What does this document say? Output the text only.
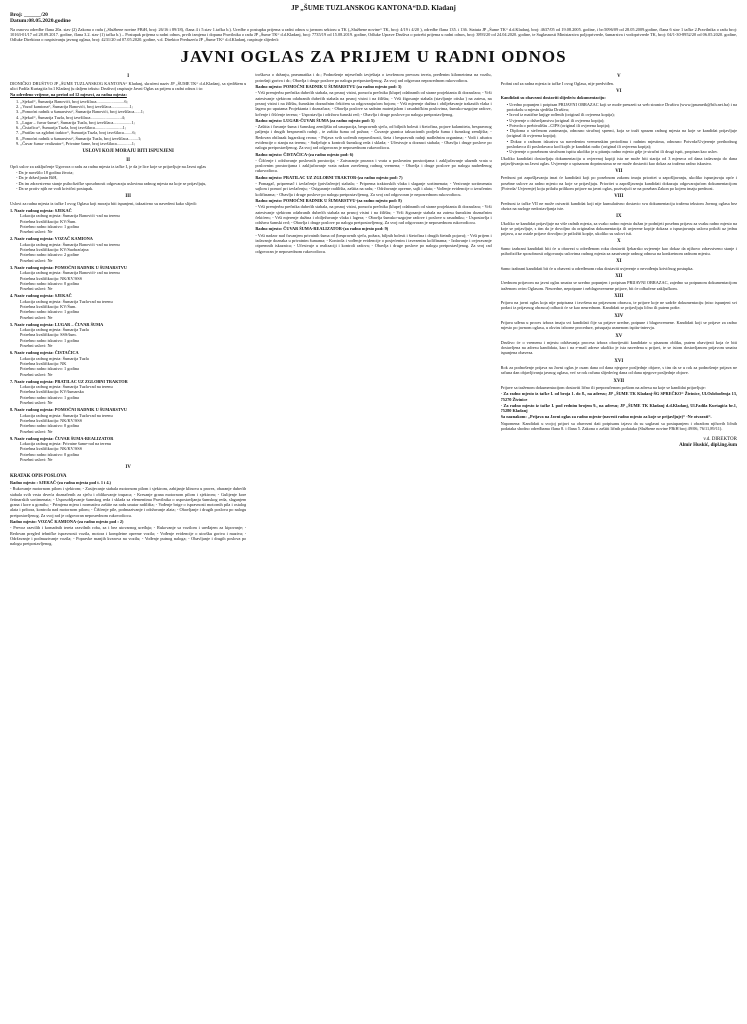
JP „ŠUME TUZLANSKOG KANTONA“D.D. Kladanj
Broj: ______/20
Datum:08.05.2020.godine
Na osnovu odredbe člana 20a. stav (2) Zakona o radu („Službene novine FBiH, broj: 26/16 i 89/18), člana 4 i 5.stav 1.tačka b.). Uredbe o postupku prijema u radni odnos u javnom sektoru u TK („Službene novine“ TK, broj: 4/19 i 4/20 ), odredbe člana 135. i 136. Statuta JP „Šume TK“ d.d.Kladanj, broj: 4637/05 od 19.08.2005. godine, i br:5096/09 od 28.05.2009.godine, člana 6 stav 1 tačke 2.Pravilnika o radu broj: 10163-01/17 od 28.09.2017. godine, člana 3.2. stav (1) tačka b.) – Postupak prijema u radni odnos, prvih izmjena i dopuna Pravilnika o radu JP „Šume TK“ d.d.Kladanj, broj: 7735/19 od 15.08.2019. godine, Odluke Uprave Društva o potrebi prijema u radni odnos, broj: 3893/20 od 24.04.2020. godine, te Saglasnosti Ministarstva poljoprivrede, šumarstva i vodoprivrede TK, broj: 04/1-30-8952/20 od 06.05.2020. godine, Odluke Direktora o raspisivanju javnog oglasa, broj: 4231/20 od 07.05.2020. godine, v.d. Direktor Preduzeća JP „Šume TK“ d.d.Kladanj, raspisuje slijedeći:
JAVNI OGLAS ZA PRIJEM U RADNI ODNOS
I

DIONIČKO DRUŠTVO JP „ŠUME TUZLANSKOG KANTONA“ Kladanj, skraćeni naziv JP „ŠUME TK“ d.d.Kladanj, sa sjedištem u ulici Fadila Kurtagića br.1 Kladanj (u daljem tekstu: Društvo) raspisuje Javni Oglas za prijem u radni odnos i to:

Na određeno vrijeme, na period od 12 mjeseci, za radna mjesta:

1. „Sjekač“, Šumarija Banovići, broj izvršilaca..........................6;
2. „Vozač kamiona“, Šumarija Banovići, broj izvršilaca.................1;
3. „Pomoćni radnik u šumarstvu“, Šumarija Banovići, broj izvršilaca......1;
4. „Sjekač“, Šumarija Tuzla, broj izvršilaca.............................4;
5. „Lugar – čuvar šuma“, Šumarija Tuzla, broj izvršilaca.................1;
6. „Čistačica“, Šumarija Tuzla, broj izvršilaca..........................1;
7. „Pratilac uz zglobni traktor“, Šumarija Tuzla, broj izvršilaca........6;
8. „Pomoćni radnik u šumarstvu“, Šumarija Tuzla, broj izvršilaca.........1;
9. „Čuvar šuma- realizator“, Privatne šume, broj izvršilaca..............1;
USLOVI KOJI MORAJU BITI ISPUNJENI
II

Opći uslov za zaključenje Ugovora o radu za radna mjesta iz tačke I, je da je lice koje se prijavljuje na Javni oglas

- Da je navršilo 18 godina života;
- Da je državljanin BiH,
- Da im zdravstveno stanje psihofizičke sposobnosti odgovaraju uslovima radnog mjesta na koje se prijavljuju,
- Da se protiv njih ne vodi krivični postupak.
III

Uslovi za radna mjesta iz tačke I ovog Oglasa koji moraju biti ispunjeni, taksativno su navedeni kako slijedi:

1. Naziv radnog mjesta: SJEKAČ
Lokacija radnog mjesta: Šumarija Banovići -rad na terenu
Potrebna kvalifikacija: KV/Šum.
Potrebno radno iskustvo: 1 godina
Posebni uslovi: Ne
2. Naziv radnog mjesta: VOZAČ KAMIONA
Lokacija radnog mjesta: Šumarija Banovići -rad na terenu
Potrebna kvalifikacija: KV/Saobraćajna
Potrebno radno iskustvo: 2 godine
Posebni uslovi: Ne
3. Naziv radnog mjesta: POMOĆNI RADNIK U ŠUMARSTVU
Lokacija radnog mjesta: Šumarija Banovići- rad na terenu
Potrebna kvalifikacija: NK/KV/SSS
Potrebno radno iskustvo: 0 godina
Posebni uslovi: Ne
4. Naziv radnog mjesta: SJEKAČ
Lokacija radnog mjesta: Šumarija Tuzla-rad na terenu
Potrebna kvalifikacija: KV/Šum.
Potrebno radno iskustvo: 1 godina
Posebni uslovi: Ne
5. Naziv radnog mjesta: LUGAR – ČUVAR ŠUMA
Lokacija radnog mjesta: Šumarija Tuzla
Potrebna kvalifikacija: SSS/šum.
Potrebno radno iskustvo: 1 godina
Posebni uslovi: Ne
6. Naziv radnog mjesta: ČISTAČICA
Lokacija radnog mjesta: Šumarija Tuzla
Potrebna kvalifikacija: NK
Potrebno radno iskustvo: 1 godina
Posebni uslovi: Ne
7. Naziv radnog mjesta: PRATILAC UZ ZGLOBNI TRAKTOR
Lokacija radnog mjesta: Šumarija Tuzla-rad na terenu
Potrebna kvalifikacija: KV/šumarska
Potrebno radno iskustvo: 1 godina
Posebni uslovi: Ne
8. Naziv radnog mjesta: POMOĆNI RADNIK U ŠUMARSTVU
Lokacija radnog mjesta: Šumarija Tuzla-rad na terenu
Potrebna kvalifikacija: NK/KV/SSS
Potrebno radno iskustvo: 0 godina
Posebni uslovi: Ne
9. Naziv radnog mjesta: ČUVAR ŠUMA-REALIZATOR
Lokacija radnog mjesta: Privatne šume-rad na terenu
Potrebna kvalifikacija: NK/KV/SSS
Potrebno radno iskustvo: 0 godina
Posebni uslovi: Ne
IV
KRATAK OPIS POSLOVA

Radno mjesto : SJEKAČ-(za radna mjesta pod t. 1 i 4.)

- Rukovanje motornom pilom i sjekirom; - Zasijecanje stabala motornom pilom i sjekirom, zabijanje klinova u prorez, obaranje dubećih stabala svih vrsta drveća doznačenih za sječu i oblikovanje trupaca; - Kresanje grana motornom pilom i sjekirom; - Gulijenje kore četinarskih sortimenata; - Usposobljavanje šumskog reda i sklada sa elementima Pravilnika o uspostavljanju šumskog reda, slaganjem grana i kore u gomilu; - Primjena mjera i normativa zaštite na radu unutar radilišta; - Vođenje brige o ispravnosti motornih pila i ostalog alata i pribora, kontrola nad motornom pilom; - Čišćenje pile, podmazivanje i održavanje alata; - Obavljanje i drugih poslova po nalogu pretpostavljenog. Za svoj rad je odgovoran neposrednom rukovodiocu.

Radno mjesto: VOZAČ KAMIONA-(za radno mjesto pod : 2)

- Prevoz razvilih i komadnih tereta razvilnih roba, za i bez utovarnog uređaja; - Rukovanje sa vozilom i uređajem za kipovanje; - Redovan pregled tehničke ispravnosti vozila, motora i kompletne opreme vozila; - Vođenje evidencije o utrošku goriva i maziva; - Održavanje i podmazivanje vozila; - Popravke manjih kvarova na vozilu; - Vođenje putnog naloga; - Obavljanje i drugih poslova po nalogu pretpostavljenog.

troškova o držanju, pneumatika i dr.; Podnošenje mjesečnih izvještaja o izvršenom prevozu tereta, pređenim kilometrima na vozilu, potrošnji goriva i dr.; Obavlja i druge poslove po nalogu pretpostavljenog. Za svoj rad odgovara neposrednom rukovodiocu.

Radno mjesto: POMOĆNI RADNIK U ŠUMARSTVU (za radno mjesto pod: 3)

- Vrši premjerbu prečnika dubećih stabala, na prsnoj visini, pomoću prečnika (klupe) odabranih od strane projektanta ili doznačara; - Vrši zatesivanje sjekirom odabranih dubećih stabala na prsnoj visini i na žilištu; - Vrši žigosanje stabala (stavljanje otiska ) na zatesu, na prsnoj visini i na žilištu, šumskim doznačnim čekićem sa odgovarajućom bojom; - Vrši mjerenje dužina i obilježavanje trakastih vlaka i lagera po uputama Projektanta i doznačara; - Obavlja poslove sa sadnim materijalom i rasadničkim poslovima, šumsko-uzgojne radove, krčenje i čišćenje terena; - Uspostavlja i održava šumski red; - Obavlja i druge poslove po nalogu pretpostavljenog.

Radno mjesto: LUGAR-ČUVAR ŠUMA (za radno mjesto pod: 5)

- Zaštita i čuvanje šuma i šumskog zemljišta od uzurpacija, bespravnih sječa, od biljnih bolesti i štetočina, pojave kalamiteta, bespravnog paljenja i drugih bespravnih radnji , te zaštita šuma od požara; - Čuvanje granica taksacionih podjela šuma i šumskog zemljišta; - Redovan obilazak lugarskog reona; - Prijava svih uočenih nepravilnosti, šteta i bespravnih radnji nadležnim organima; - Vodi i ažurira evidencije o stanju na terenu; - Sudjeluje u kontroli šumskog reda i sklada; - Učestvuje u doznaci stabala; - Obavlja i druge poslove po nalogu pretpostavljenog. Za svoj rad odgovoran je neposrednom rukovodiocu.

Radno mjesto: ČISTAČICA-(za radno mjesto pod: 6)

- Čišćenje i održavanje poslovnih prostorija; - Zatvaranje prozora i vrata u poslovnim prostorijama i zaključavanje ulaznih vrata u poslovnim prostorijama i zaključavanje vrata nakon završenog radnog vremena; - Obavlja i druge poslove po nalogu nadređenog rukovodioca.

Radno mjesto: PRATILAC UZ ZGLOBNI TRAKTOR-(za radno mjesto pod: 7)

- Pomagač, pripremač i izvlačenje (privlačenje) stabala; - Priprema traktorskih vlaka i slaganje sortimenata; - Vezivanje sortimenata sajlom i pomoć pri izvlačenju; - Osiguranje radilišta, zaštita na radu; - Održavanje opreme, sajli i alata; - Vođenje evidencije o izvučenim količinama; - Obavlja i druge poslove po nalogu pretpostavljenog. Za svoj rad odgovoran je neposrednom rukovodiocu.

Radno mjesto: POMOĆNI RADNIK U ŠUMARSTVU-(za radno mjesto pod: 8)

- Vrši premjerbu prečnika dubećih stabala, na prsnoj visini, pomoću prečnika (klupe) odabranih od strane projektanta ili doznačara; - Vrši zatesivanje sjekirom odabranih dubećih stabala na prsnoj visini i na žilištu; - Vrši žigosanje stabala na zatesu šumskim doznačnim čekićem; - Vrši mjerenje dužina i obilježavanje vlaka i lagera; - Obavlja šumsko-uzgojne radove i poslove u rasadniku; - Uspostavlja i održava šumski red; - Obavlja i druge poslove po nalogu pretpostavljenog. Za svoj rad odgovoran je neposrednom rukovodiocu.

Radno mjesto: ČUVAR ŠUMA-REALIZATOR-(za radno mjesto pod: 9)

- Vrši nadzor nad čuvanjem privatnih šuma od (bespravnih sječa, požara, biljnih bolesti i štetočina i drugih štetnih pojava); - Vrši prijem i izdavanje doznaka u privatnim šumama; - Kontrola i vođenje evidencije o posjećenim i izvezenim količinama; - Izdavanje i ovjeravanje otpremnih iskaznica; - Učestvuje u realizaciji i kontroli radova; - Obavlja i druge poslove po nalogu pretpostavljenog. Za svoj rad odgovoran je neposrednom rukovodiocu.

V

Probni rad za radna mjesta iz tačke I ovog Oglasa, nije predviđen.

VI

Kandidati su obavezni dostaviti slijedeću dokumentaciju:

• Uredno popunjen i potpisan PRIJAVNI OBRAZAC koji se može preuzeti sa web stranice Društva (www.jpsumetk@bih.net.ba) i na protokolu u mjestu sjedišta Društva;
• Izvod iz matične knjige rođenih (original ili ovjerena kopija);
• Uvjerenje o državljanstvu (original ili ovjerena kopija);
• Potvrda o prebivalištu –CIPS (original ili ovjerena kopija);
• Diploma o stečenom zanimanju, odnosno stručnoj spremi, koja se traži sprazm radnog mjesta na koje se kandidat prijavljuje (original ili ovjerena kopija);
• Dokaz o radnom iskustvu sa navedenim vremenskim periodima i radnim mjestima, odnosno Potvrda/Uvjerenje prethodnog poslodavca ili poslodavaca kod kojih je kandidat radio (original ili ovjerena kopija);
• Uvjerenje o posebnom stručnom ispitu ukoliko je u pitanju radno mjesto gdje je stručni ili drugi ispit, propisan kao uslov.

Ukoliko kandidati dostavljaju dokumentaciju u ovjerenoj kopiji ista ne može biti starija od 3 mjeseca od dana izdavanja do dana prijavljivanja na Javni oglas. Uvjerenje o upisanom doprinosima se ne može dostaviti kao dokaz za traženo radno iskustvo.

VII

Prednost pri zapošljavanju imat će kandidati koji po posebnom zakonu imaju prioritet u zapošljavanju, ukoliko ispunjavaju opće i posebne uslove za radno mjesto na koje se prijavljuju. Prioritet u zapošljavanju kandidati dokazuju odgovarajućom dokumentacijom (Potvrda/ Uvjerenje) koju prilažu prilikom prijave na javni oglas, pozivajući se na poseban Zakon po kojem imaju prednost.

VIII

Prednost iz tačke VII ne može ostvariti kandidat koji nije kumulativno dostavio svu dokumentaciju traženu tekstom Javnog oglasa bez obzira na razloge nedostavljanja iste.

IX

Ukoliko se kandidat prijavljuje na više radnih mjesta, za svako radno mjesto dužan je podnijeti posebnu prijavu za svaku radno mjesto na koje se prijavljuje, s tim da je dovoljno da originalna dokumentacija ili uvjerene kopije dokaza o ispunjavanju uslova priloži uz jednu prijavu, a uz ostale prijave dovoljno je priložiti kopije, ukoliko su uslovi isti.

X

Samo izabrani kandidati biti će u obavezi u određenom roku dostaviti ljekarsko uvjerenje kao dokaz da njihovo zdravstveno stanje i psihofizičke sposobnosti odgovaraju uslovima radnog mjesta za zasnivanje radnog odnosa na konkretnom radnom mjestu.

XI

Samo izabrani kandidati bit će u obavezi u određenom roku dostaviti uvjerenje o nevođenju krivičnog postupka.

XII

Urednom prijavom na javni oglas smatra se uredno popunjen i potpisan PRIJAVNI OBRAZAC, zajedno sa potpunom dokumentacijom traženom ovim Oglasom. Neuredne, nepotpune i neblagovremene prijave, bit će odbačene zaključkom.

XIII

Prijava na javni oglas koja nije potpisana i izvršena na prijavnom obrascu, te prijave koje ne sadrže dokumentaciju (niso ispunjeni svi podaci iz prijavnog obrasca) odbacit će se kao neurednom. Kandidati se prijavljuju lično ili putem pošte.

XIV

Prijava uđena u proces izbora imaju svi kandidati čije su prijave uredne, potpune i blagovremene. Kandidati koji se prijave za radno mjesto po javnom oglasu, u okviru izborne procedure, prisupaju usmenom ispitu-intervju.

XV

Društvo će o vremenu i mjestu održavanja procesa izbora obavijestiti kandidate u pisanom obliku, putem obavijesti koja će biti dostavljena na adresu kandidata, kao i na e-mail adrese ukoliko je ista navedena u prijavi, te se istom dostavljanom prijavom smatra ispunjena obaveza.

XVI

Rok za podnošenje prijava na Javni oglas je osam dana od dana njegove posljednje objave, s tim da se u rok za podnošenje prijava ne računa dan objavljivanja javnog oglasa, već se rok računa slijedećeg dana od dana njegove posljednje objave.

XVII

Prijave sa traženom dokumentacijom dostaviti lično ili preporučenom poštom na adresu na koje se kandidat prijavljuje:

- Za radno mjesto iz tačke I. od broja 1. do 8., na adresu; JP „ŠUME TK Kladanj-ŠG SPREČKO“ Živinice, Ul.Oslobođenja 13, 75270 Živinice

- Za radno mjesto iz tačke I. pod rednim brojem 9., na adresu; JP „ŠUME TK Kladanj d.d.Kladanj, Ul.Fadila Kurtagića br.1, 75280 Kladanj

Sa naznakom: „Prijava na Javni oglas za radno mjesto-(navesti radno mjesto za koje se prijavljuje)“ -Ne otvarati“.

Napomena: Kandidati u svojoj prijavi su obavezni dati potpisanu izjavu da su saglasni sa postupanjem i obradom njihovih ličnih podataka shodno odredbama člana 8. i člana 5. Zakona o zaštiti ličnih podataka (Službene novine FBiH broj 49/06, 76/11,89/11).

v.d. DIREKTOR
Almir Huskić, dipl.ing.šum
